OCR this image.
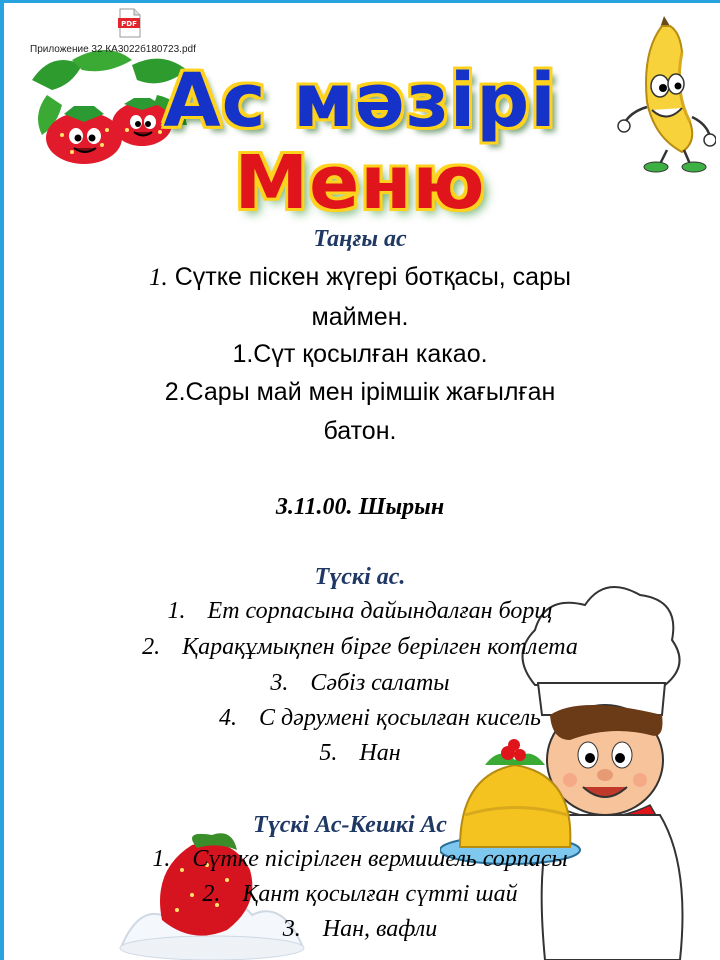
PDF
Приложение 32 КА3022б180723.pdf
Ас мәзірі
Меню
Таңғы ас
1. Сүтке піскен жүгері ботқасы, сары
маймен.
1.Сүт қосылған какао.
2.Сары май мен ірімшік жағылған
батон.
3.11.00. Шырын
Түскі ас.
1. Ет сорпасына дайындалған борщ
2. Қарақұмықпен бірге берілген котлета
3. Сәбіз салаты
4. С дәрумені қосылған кисель
5. Нан
Түскі Ас-Кешкі Ас
1. Сүтке пісірілген вермишель сорпасы
2. Қант қосылған сүтті шай
3. Нан, вафли
